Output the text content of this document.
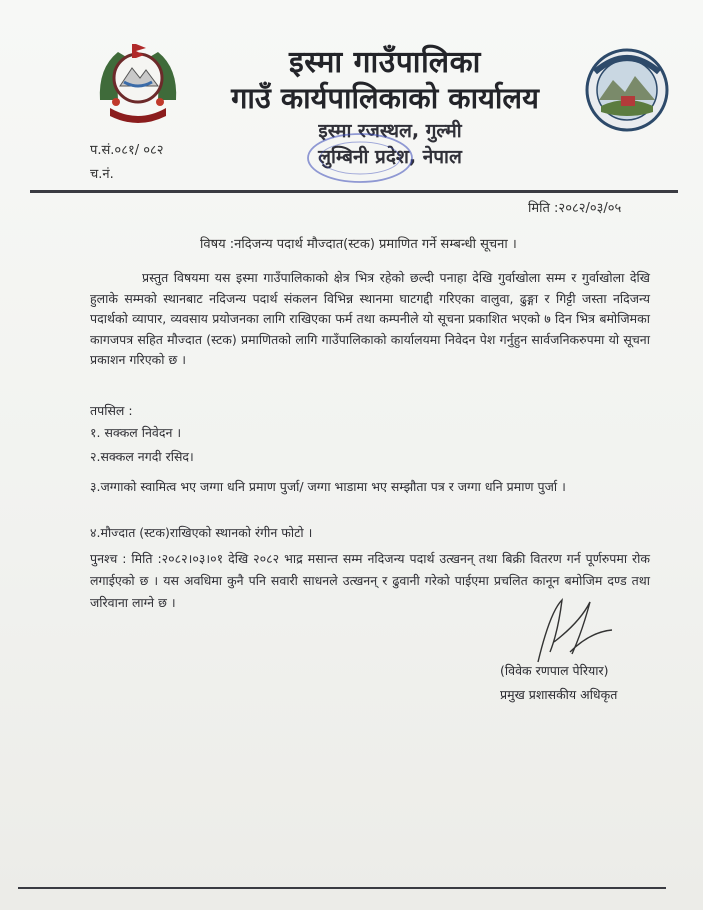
इस्मा गाउँपालिका
गाउँ कार्यपालिकाको कार्यालय
इस्मा रजस्थल, गुल्मी
लुम्बिनी प्रदेश, नेपाल
प.सं.०८१/ ०८२
च.नं.
मिति :२०८२/०३/०५
विषय :नदिजन्य पदार्थ मौज्दात(स्टक) प्रमाणित गर्ने सम्बन्धी सूचना ।
प्रस्तुत विषयमा यस इस्मा गाउँपालिकाको क्षेत्र भित्र रहेको छल्दी पनाहा देखि गुर्वाखोला सम्म र गुर्वाखोला देखि हुलाके सम्मको स्थानबाट नदिजन्य पदार्थ संकलन विभिन्न स्थानमा घाटगद्दी गरिएका वालुवा, ढुङ्गा र गिट्टी जस्ता नदिजन्य पदार्थको व्यापार, व्यवसाय प्रयोजनका लागि राखिएका फर्म तथा कम्पनीले यो सूचना प्रकाशित भएको ७ दिन भित्र बमोजिमका कागजपत्र सहित मौज्दात (स्टक) प्रमाणितको लागि गाउँपालिकाको कार्यालयमा निवेदन पेश गर्नुहुन सार्वजनिकरुपमा यो सूचना प्रकाशन गरिएको छ ।
तपसिल :
१. सक्कल निवेदन ।
२.सक्कल नगदी रसिद।
३.जग्गाको स्वामित्व भए जग्गा धनि प्रमाण पुर्जा/ जग्गा भाडामा भए सम्झौता पत्र र जग्गा धनि प्रमाण पुर्जा ।
४.मौज्दात (स्टक)राखिएको स्थानको रंगीन फोटो ।
पुनश्च : मिति :२०८२।०३।०१ देखि २०८२ भाद्र मसान्त सम्म नदिजन्य पदार्थ उत्खनन् तथा बिक्री वितरण गर्न पूर्णरुपमा रोक लगाईएको छ । यस अवधिमा कुनै पनि सवारी साधनले उत्खनन् र ढुवानी गरेको पाईएमा प्रचलित कानून बमोजिम दण्ड तथा जरिवाना लाग्ने छ ।
(विवेक रणपाल पेरियार)
प्रमुख प्रशासकीय अधिकृत
